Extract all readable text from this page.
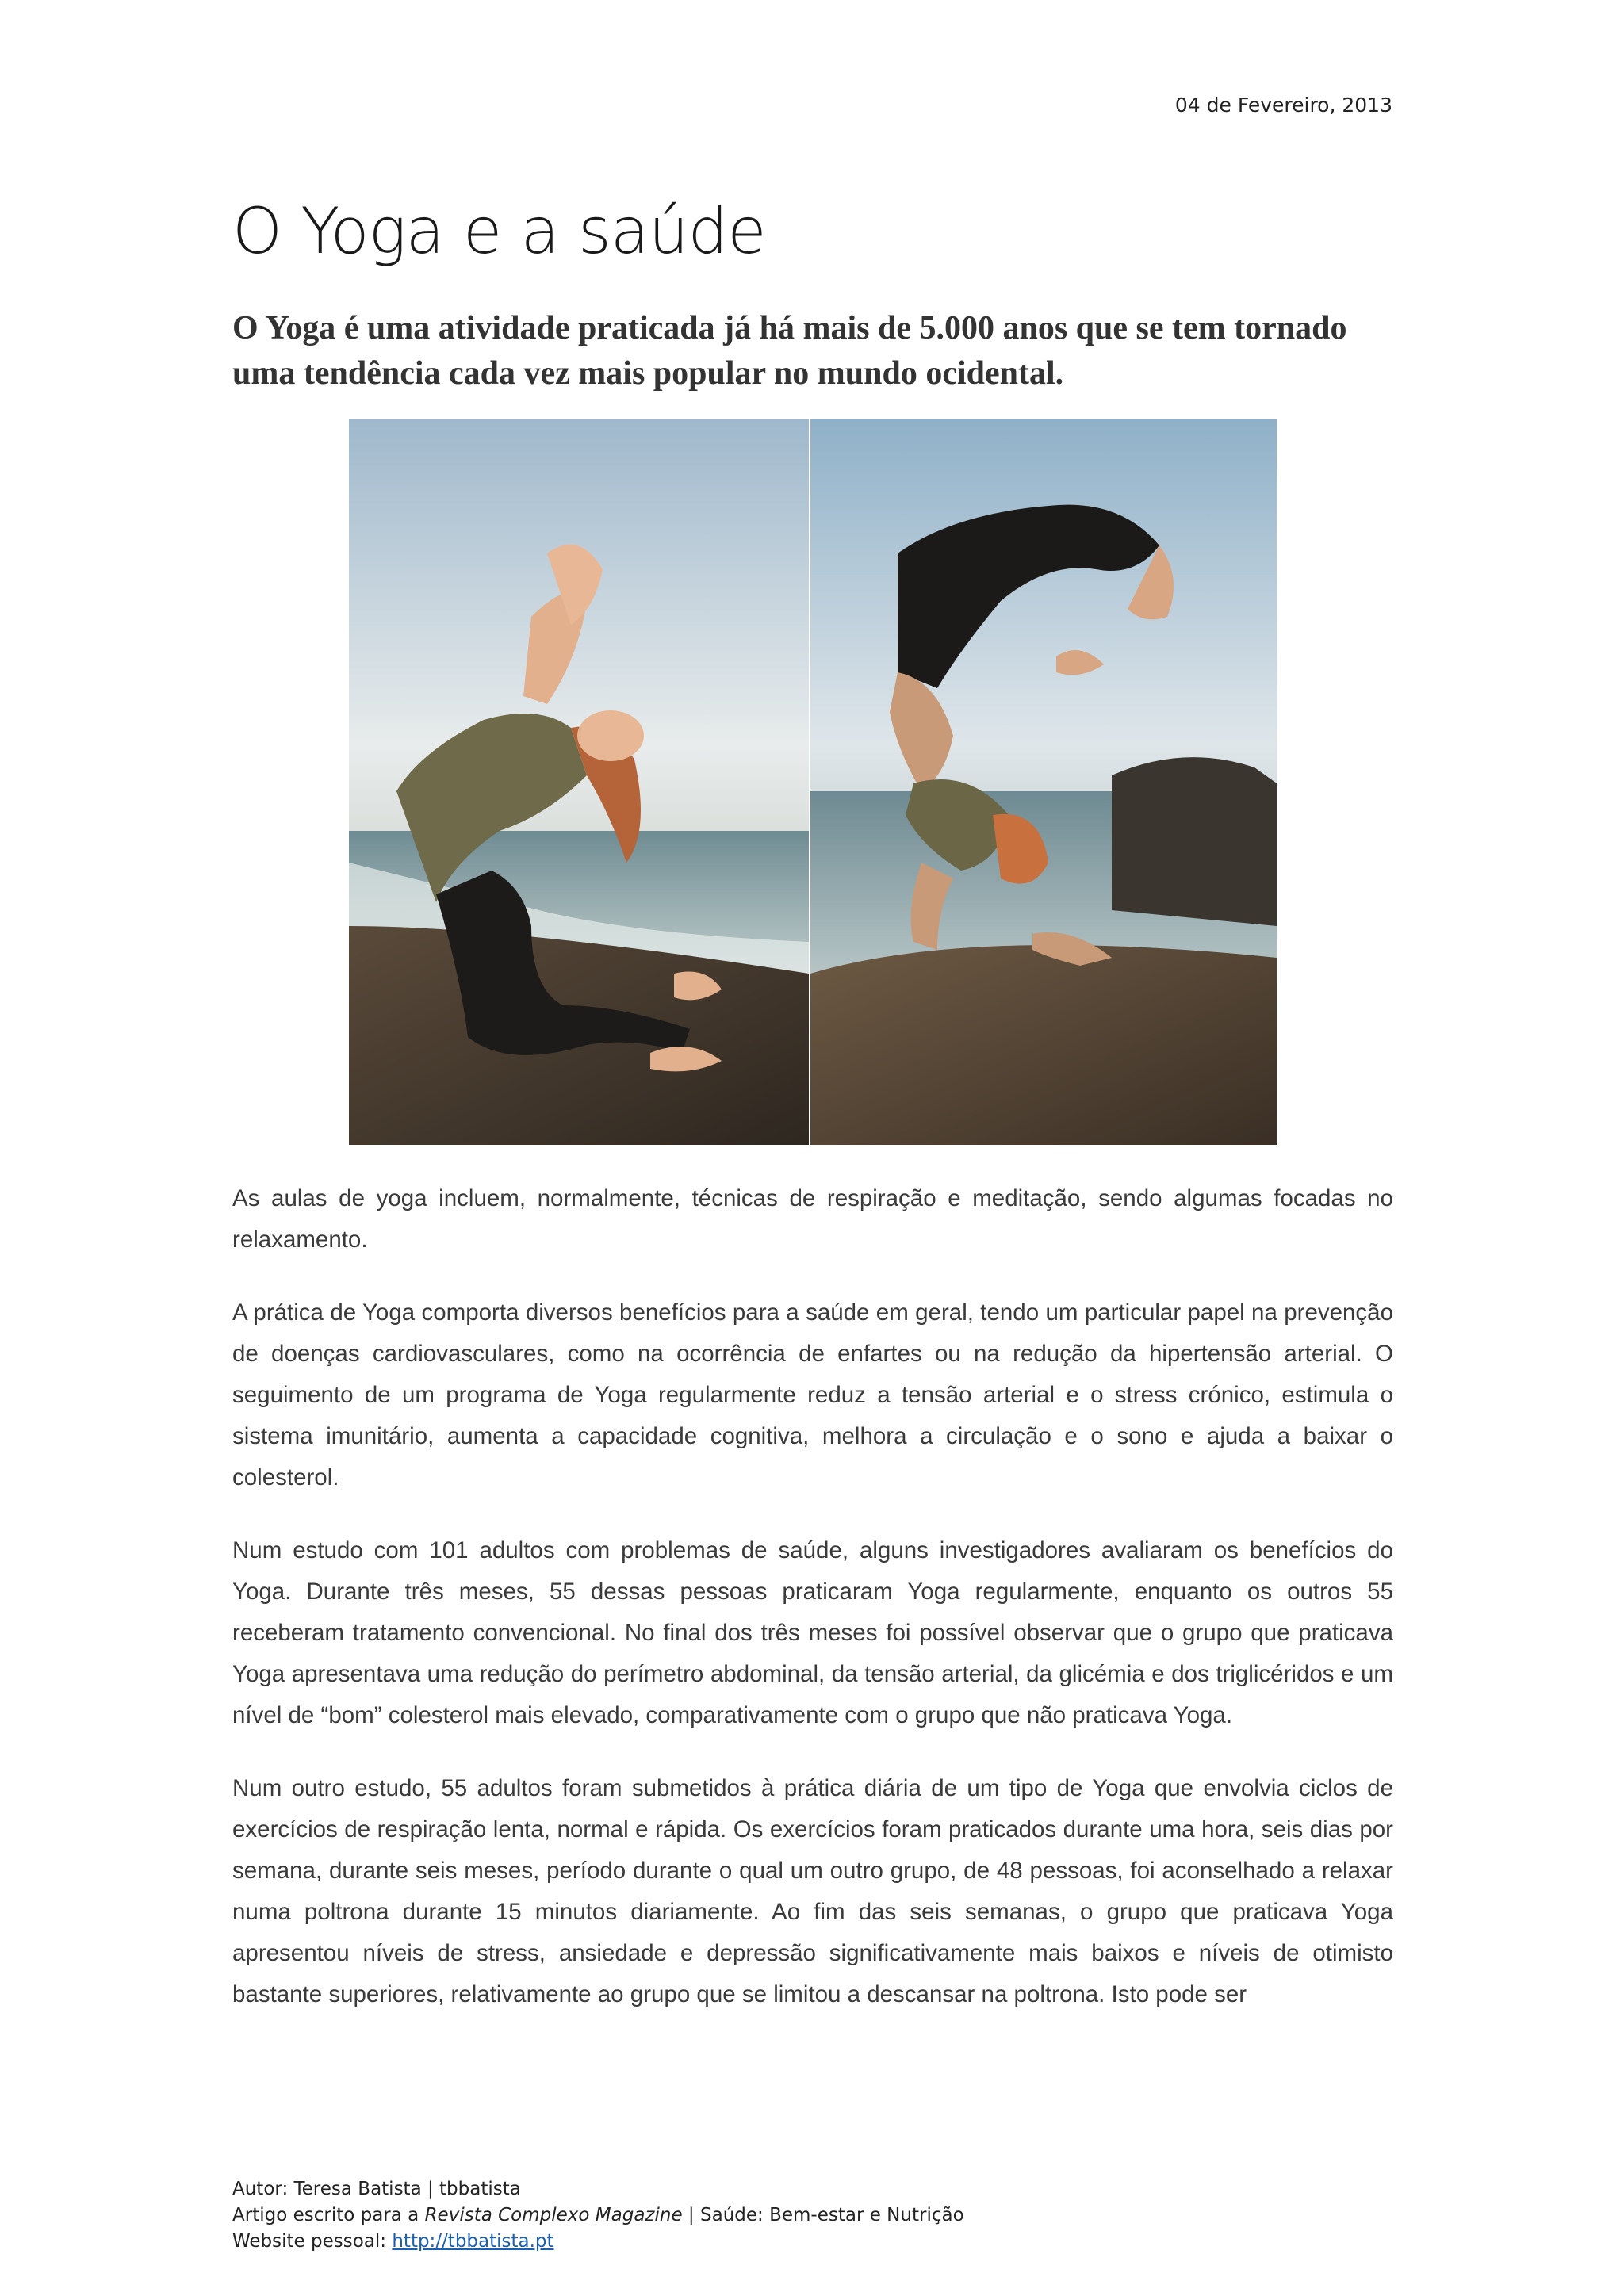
04 de Fevereiro, 2013
O Yoga e a saúde

O Yoga é uma atividade praticada já há mais de 5.000 anos que se tem tornado uma tendência cada vez mais popular no mundo ocidental.

As aulas de yoga incluem, normalmente, técnicas de respiração e meditação, sendo algumas focadas no relaxamento.

A prática de Yoga comporta diversos benefícios para a saúde em geral, tendo um particular papel na prevenção de doenças cardiovasculares, como na ocorrência de enfartes ou na redução da hipertensão arterial. O seguimento de um programa de Yoga regularmente reduz a tensão arterial e o stress crónico, estimula o sistema imunitário, aumenta a capacidade cognitiva, melhora a circulação e o sono e ajuda a baixar o colesterol.

Num estudo com 101 adultos com problemas de saúde, alguns investigadores avaliaram os benefícios do Yoga. Durante três meses, 55 dessas pessoas praticaram Yoga regularmente, enquanto os outros 55 receberam tratamento convencional. No final dos três meses foi possível observar que o grupo que praticava Yoga apresentava uma redução do perímetro abdominal, da tensão arterial, da glicémia e dos triglicéridos e um nível de “bom” colesterol mais elevado, comparativamente com o grupo que não praticava Yoga.

Num outro estudo, 55 adultos foram submetidos à prática diária de um tipo de Yoga que envolvia ciclos de exercícios de respiração lenta, normal e rápida. Os exercícios foram praticados durante uma hora, seis dias por semana, durante seis meses, período durante o qual um outro grupo, de 48 pessoas, foi aconselhado a relaxar numa poltrona durante 15 minutos diariamente. Ao fim das seis semanas, o grupo que praticava Yoga apresentou níveis de stress, ansiedade e depressão significativamente mais baixos e níveis de otimisto bastante superiores, relativamente ao grupo que se limitou a descansar na poltrona. Isto pode ser

Autor: Teresa Batista | tbbatista
Artigo escrito para a Revista Complexo Magazine | Saúde: Bem-estar e Nutrição
Website pessoal: http://tbbatista.pt
